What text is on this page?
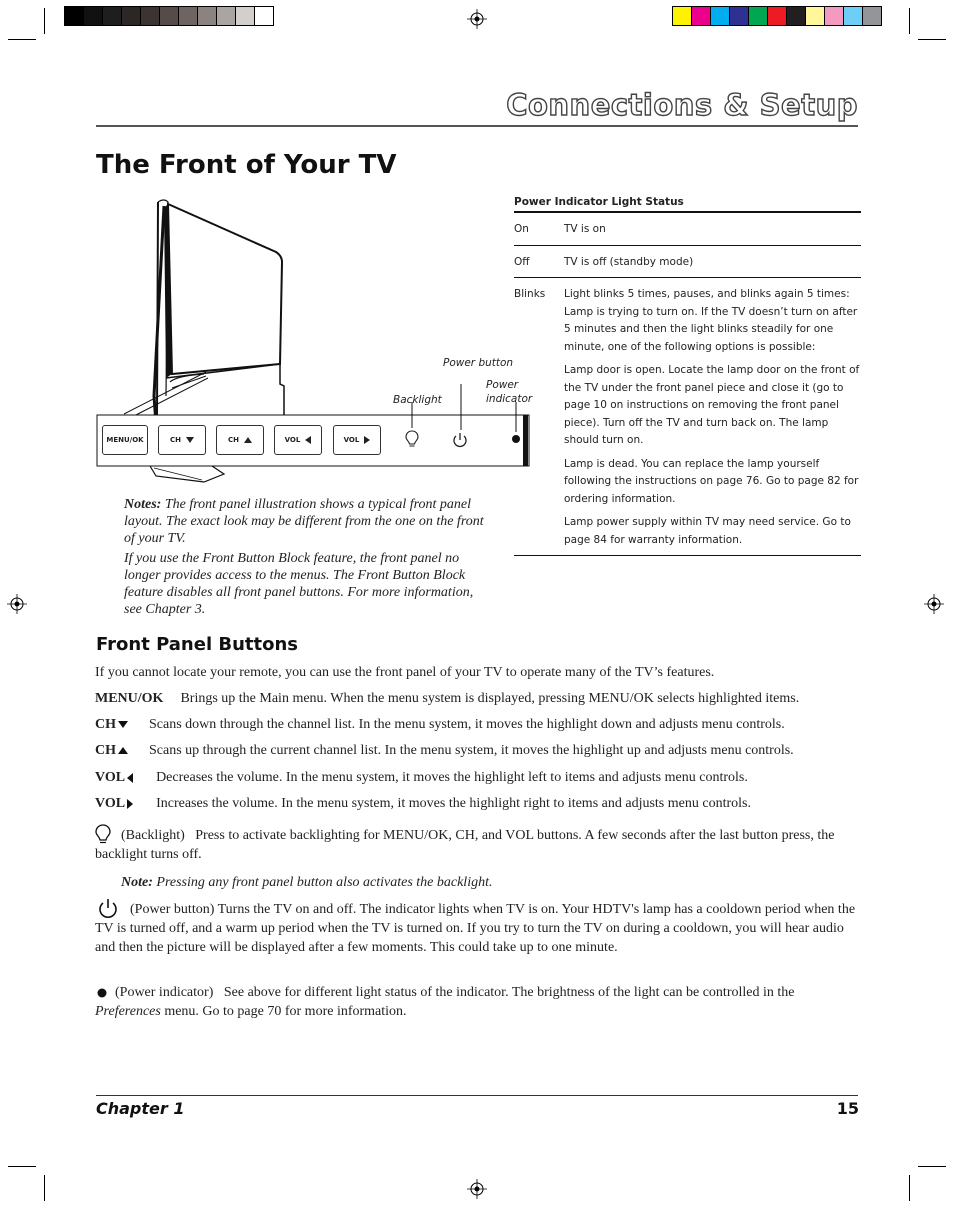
Connections & Setup
The Front of Your TV
Power button
Power indicator
Backlight
MENU/OK	CH	CH	VOL	VOL
Power Indicator Light Status
On	TV is on

Off	TV is off (standby mode)

Blinks	Light blinks 5 times, pauses, and blinks again 5 times: Lamp is trying to turn on. If the TV doesn’t turn on after 5 minutes and then the light blinks steadily for one minute, one of the following options is possible:

Lamp door is open. Locate the lamp door on the front of the TV under the front panel piece and close it (go to page 10 on instructions on removing the front panel piece). Turn off the TV and turn back on. The lamp should turn on.

Lamp is dead. You can replace the lamp yourself following the instructions on page 76. Go to page 82 for ordering information.

Lamp power supply within TV may need service. Go to page 84 for warranty information.

Notes: The front panel illustration shows a typical front panel layout. The exact look may be different from the one on the front of your TV.

If you use the Front Button Block feature, the front panel no longer provides access to the menus. The Front Button Block feature disables all front panel buttons. For more information, see Chapter 3.

Front Panel Buttons
If you cannot locate your remote, you can use the front panel of your TV to operate many of the TV’s features.
MENU/OK Brings up the Main menu. When the menu system is displayed, pressing MENU/OK selects highlighted items.
CH Scans down through the channel list. In the menu system, it moves the highlight down and adjusts menu controls.
CH Scans up through the current channel list. In the menu system, it moves the highlight up and adjusts menu controls.
VOL Decreases the volume. In the menu system, it moves the highlight left to items and adjusts menu controls.
VOL Increases the volume. In the menu system, it moves the highlight right to items and adjusts menu controls.
(Backlight) Press to activate backlighting for MENU/OK, CH, and VOL buttons. A few seconds after the last button press, the backlight turns off.
Note: Pressing any front panel button also activates the backlight.
(Power button) Turns the TV on and off. The indicator lights when TV is on. Your HDTV's lamp has a cooldown period when the TV is turned off, and a warm up period when the TV is turned on. If you try to turn the TV on during a cooldown, you will hear audio and then the picture will be displayed after a few moments. This could take up to one minute.
(Power indicator) See above for different light status of the indicator. The brightness of the light can be controlled in the Preferences menu. Go to page 70 for more information.
Chapter 1	15
